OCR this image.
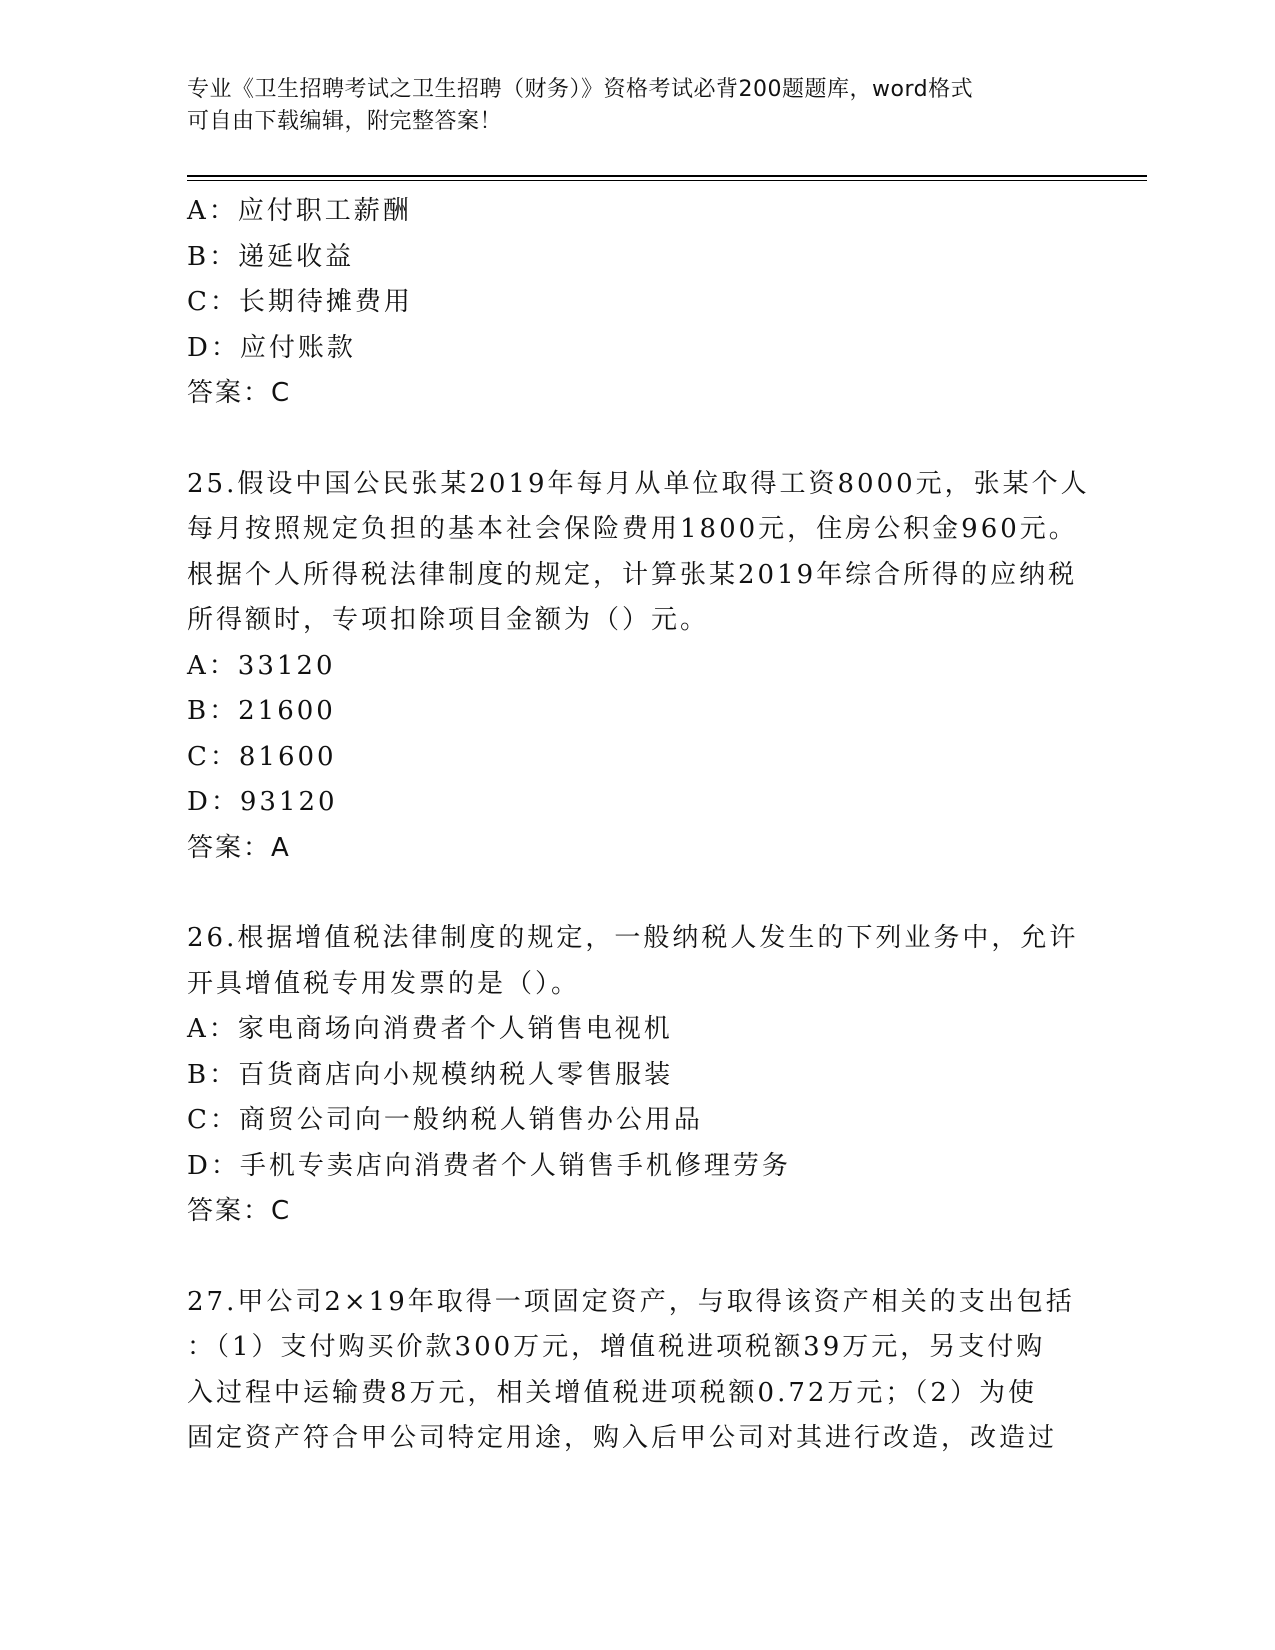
专业《卫生招聘考试之卫生招聘（财务）》资格考试必背200题题库，word格式
可自由下载编辑，附完整答案！
A：应付职工薪酬
B：递延收益
C：长期待摊费用
D：应付账款
答案：C
25.假设中国公民张某2019年每月从单位取得工资8000元，张某个人
每月按照规定负担的基本社会保险费用1800元，住房公积金960元。
根据个人所得税法律制度的规定，计算张某2019年综合所得的应纳税
所得额时，专项扣除项目金额为（）元。
A：33120
B：21600
C：81600
D：93120
答案：A
26.根据增值税法律制度的规定，一般纳税人发生的下列业务中，允许
开具增值税专用发票的是（）。
A：家电商场向消费者个人销售电视机
B：百货商店向小规模纳税人零售服装
C：商贸公司向一般纳税人销售办公用品
D：手机专卖店向消费者个人销售手机修理劳务
答案：C
27.甲公司2×19年取得一项固定资产，与取得该资产相关的支出包括
：（1）支付购买价款300万元，增值税进项税额39万元，另支付购
入过程中运输费8万元，相关增值税进项税额0.72万元；（2）为使
固定资产符合甲公司特定用途，购入后甲公司对其进行改造，改造过
